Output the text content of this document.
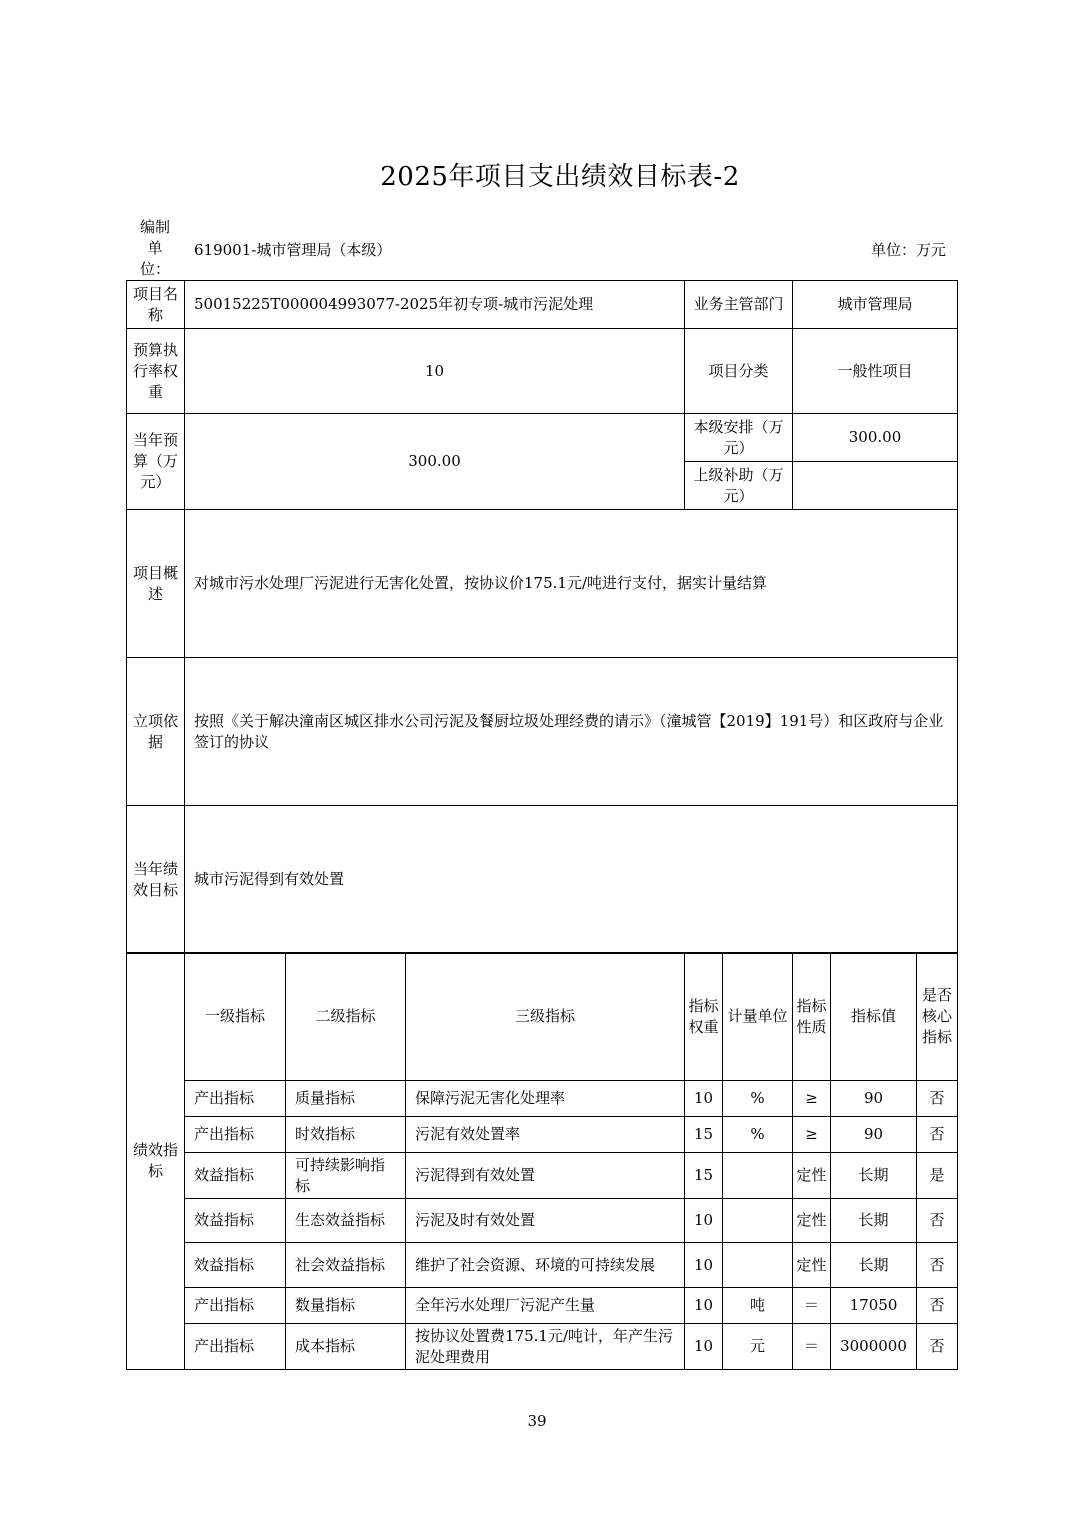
2025年项目支出绩效目标表-2
编制单位：
619001-城市管理局（本级）	单位：万元
项目名称	50015225T000004993077-2025年初专项-城市污泥处理	业务主管部门	城市管理局
预算执行率权重	10	项目分类	一般性项目
当年预算（万元）	300.00	本级安排（万元）	300.00
		上级补助（万元）	
项目概述	对城市污水处理厂污泥进行无害化处置，按协议价175.1元/吨进行支付，据实计量结算		
立项依据	按照《关于解决潼南区城区排水公司污泥及餐厨垃圾处理经费的请示》（潼城管【2019】191号）和区政府与企业签订的协议		
当年绩效目标	城市污泥得到有效处置		
绩效指标	一级指标	二级指标	三级指标	指标权重	计量单位	指标性质	指标值	是否核心指标
	产出指标	质量指标	保障污泥无害化处理率	10	%	≥	90	否
	产出指标	时效指标	污泥有效处置率	15	%	≥	90	否
	效益指标	可持续影响指标	污泥得到有效处置	15		定性	长期	是
	效益指标	生态效益指标	污泥及时有效处置	10		定性	长期	否
	效益指标	社会效益指标	维护了社会资源、环境的可持续发展	10		定性	长期	否
	产出指标	数量指标	全年污水处理厂污泥产生量	10	吨	＝	17050	否
	产出指标	成本指标	按协议处置费175.1元/吨计，年产生污泥处理费用	10	元	＝	3000000	否
39
